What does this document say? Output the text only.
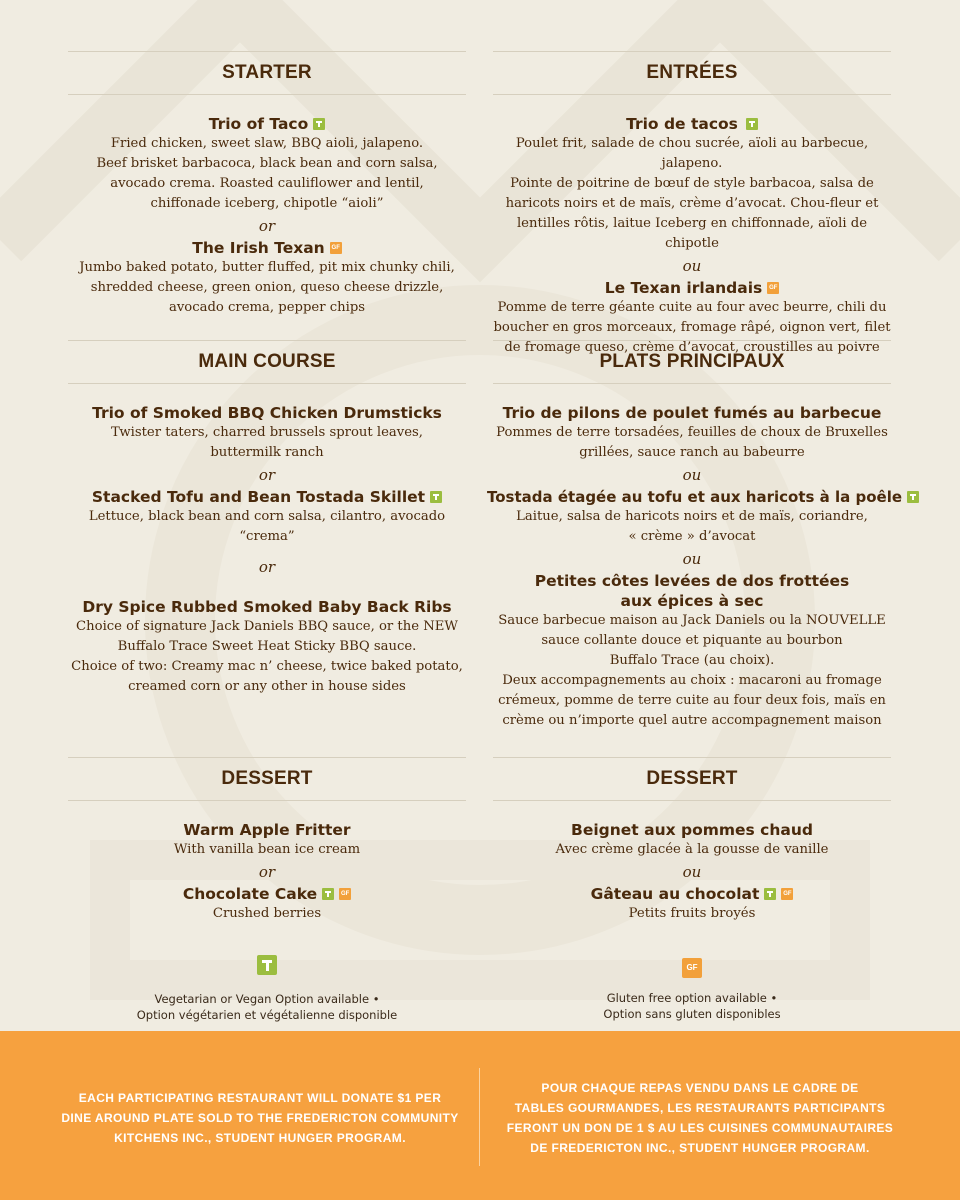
STARTER
Trio of Taco
Fried chicken, sweet slaw, BBQ aioli, jalapeno.
Beef brisket barbacoca, black bean and corn salsa,
avocado crema. Roasted cauliflower and lentil,
chiffonade iceberg, chipotle “aioli”
or
The Irish Texan GF
Jumbo baked potato, butter fluffed, pit mix chunky chili,
shredded cheese, green onion, queso cheese drizzle,
avocado crema, pepper chips
MAIN COURSE
Trio of Smoked BBQ Chicken Drumsticks
Twister taters, charred brussels sprout leaves,
buttermilk ranch
or
Stacked Tofu and Bean Tostada Skillet
Lettuce, black bean and corn salsa, cilantro, avocado “crema”
or
Dry Spice Rubbed Smoked Baby Back Ribs
Choice of signature Jack Daniels BBQ sauce, or the NEW
Buffalo Trace Sweet Heat Sticky BBQ sauce.
Choice of two: Creamy mac n’ cheese, twice baked potato,
creamed corn or any other in house sides
DESSERT
Warm Apple Fritter
With vanilla bean ice cream
or
Chocolate Cake	GF
Crushed berries
Vegetarian or Vegan Option available •
Option végétarien et végétalienne disponible
ENTRÉES
Trio de tacos
Poulet frit, salade de chou sucrée, aïoli au barbecue, jalapeno.
Pointe de poitrine de bœuf de style barbacoa, salsa de
haricots noirs et de maïs, crème d’avocat. Chou-fleur et
lentilles rôtis, laitue Iceberg en chiffonnade, aïoli de chipotle
ou
Le Texan irlandais GF
Pomme de terre géante cuite au four avec beurre, chili du
boucher en gros morceaux, fromage râpé, oignon vert, filet
de fromage queso, crème d’avocat, croustilles au poivre
PLATS PRINCIPAUX
Trio de pilons de poulet fumés au barbecue
Pommes de terre torsadées, feuilles de choux de Bruxelles
grillées, sauce ranch au babeurre
ou
Tostada étagée au tofu et aux haricots à la poêle
Laitue, salsa de haricots noirs et de maïs, coriandre,
« crème » d’avocat
ou
Petites côtes levées de dos frottées
aux épices à sec
Sauce barbecue maison au Jack Daniels ou la NOUVELLE
sauce collante douce et piquante au bourbon
Buffalo Trace (au choix).
Deux accompagnements au choix : macaroni au fromage
crémeux, pomme de terre cuite au four deux fois, maïs en
crème ou n’importe quel autre accompagnement maison
DESSERT
Beignet aux pommes chaud
Avec crème glacée à la gousse de vanille
ou
Gâteau au chocolat	GF
Petits fruits broyés
GF
Gluten free option available •
Option sans gluten disponibles
EACH PARTICIPATING RESTAURANT WILL DONATE $1 PER
DINE AROUND PLATE SOLD TO THE FREDERICTON COMMUNITY
KITCHENS INC., STUDENT HUNGER PROGRAM.
POUR CHAQUE REPAS VENDU DANS LE CADRE DE
TABLES GOURMANDES, LES RESTAURANTS PARTICIPANTS
FERONT UN DON DE 1 $ AU LES CUISINES COMMUNAUTAIRES
DE FREDERICTON INC., STUDENT HUNGER PROGRAM.
